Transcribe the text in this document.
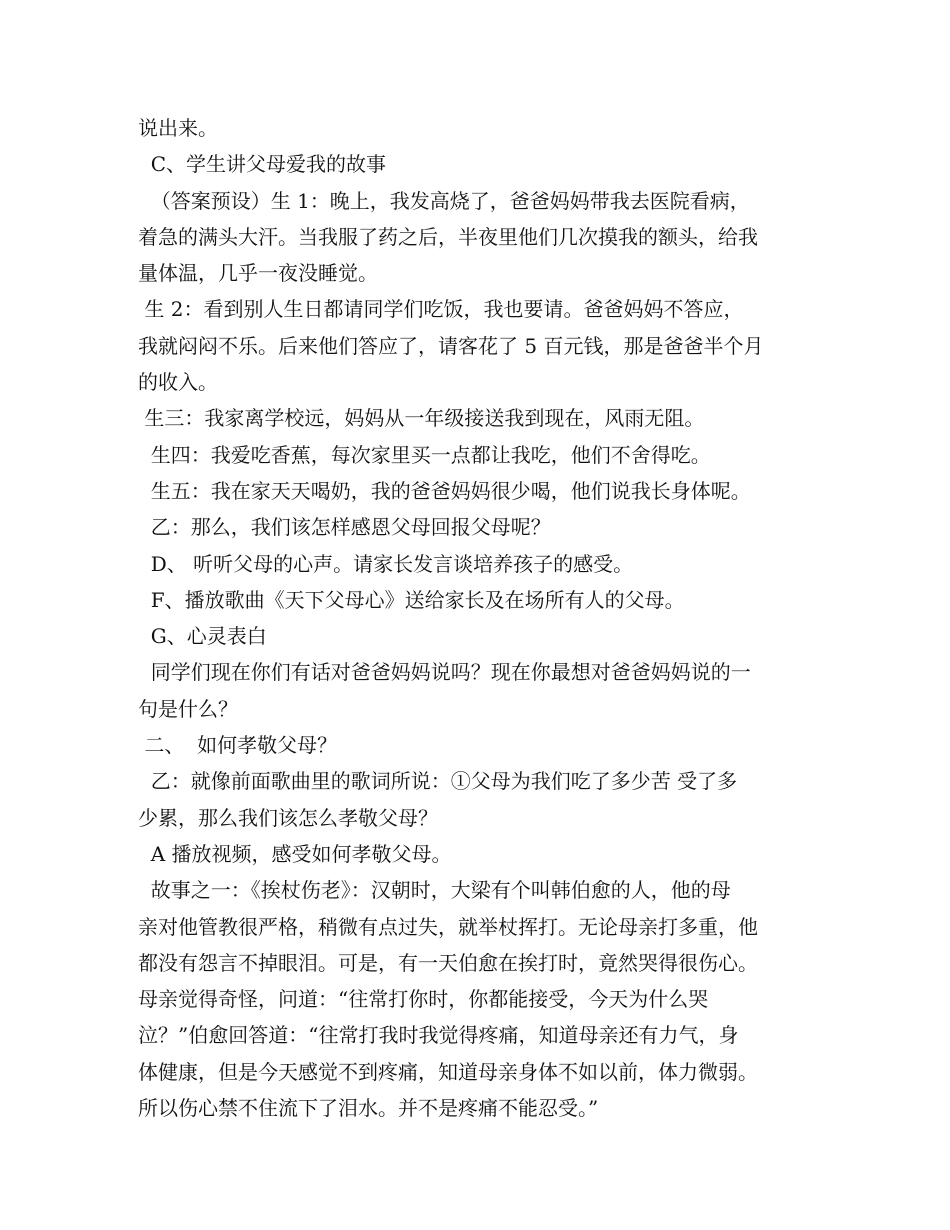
说出来。

C、学生讲父母爱我的故事

（答案预设）生 1：晚上，我发高烧了，爸爸妈妈带我去医院看病，

着急的满头大汗。当我服了药之后，半夜里他们几次摸我的额头，给我

量体温，几乎一夜没睡觉。

生 2：看到别人生日都请同学们吃饭，我也要请。爸爸妈妈不答应，

我就闷闷不乐。后来他们答应了，请客花了 5 百元钱，那是爸爸半个月

的收入。

生三：我家离学校远，妈妈从一年级接送我到现在，风雨无阻。

生四：我爱吃香蕉，每次家里买一点都让我吃，他们不舍得吃。

生五：我在家天天喝奶，我的爸爸妈妈很少喝，他们说我长身体呢。

乙：那么，我们该怎样感恩父母回报父母呢？

D、 听听父母的心声。请家长发言谈培养孩子的感受。

F、播放歌曲《天下父母心》送给家长及在场所有人的父母。

G、心灵表白

同学们现在你们有话对爸爸妈妈说吗？现在你最想对爸爸妈妈说的一

句是什么？

二、  如何孝敬父母？

乙：就像前面歌曲里的歌词所说：①父母为我们吃了多少苦 受了多

少累，那么我们该怎么孝敬父母？

A 播放视频，感受如何孝敬父母。

故事之一：《挨杖伤老》：汉朝时，大梁有个叫韩伯愈的人，他的母

亲对他管教很严格，稍微有点过失，就举杖挥打。无论母亲打多重，他

都没有怨言不掉眼泪。可是，有一天伯愈在挨打时，竟然哭得很伤心。

母亲觉得奇怪，问道：“往常打你时，你都能接受，今天为什么哭

泣？”伯愈回答道：“往常打我时我觉得疼痛，知道母亲还有力气，身

体健康，但是今天感觉不到疼痛，知道母亲身体不如以前，体力微弱。

所以伤心禁不住流下了泪水。并不是疼痛不能忍受。”
